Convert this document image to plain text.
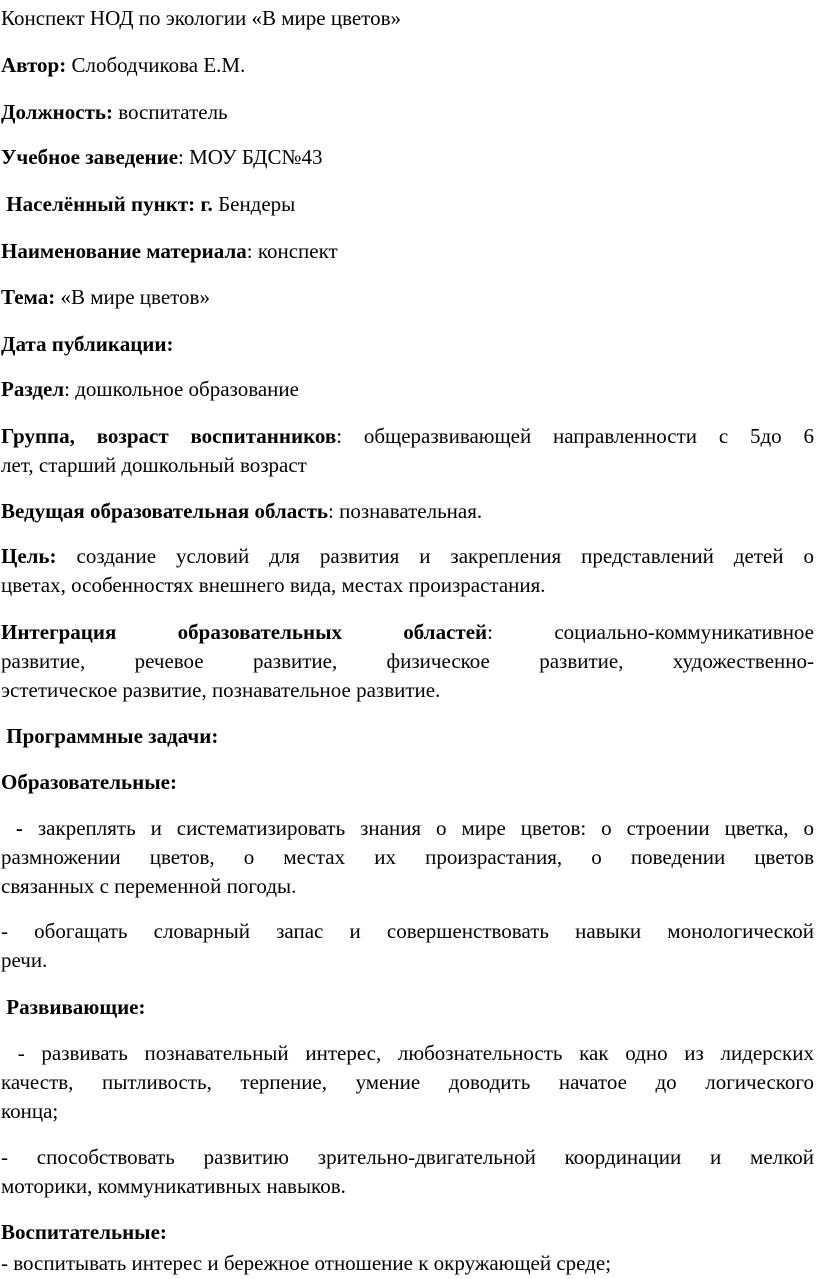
Конспект НОД по экологии «В мире цветов»

Автор: Слободчикова Е.М.

Должность: воспитатель

Учебное заведение: МОУ БДС№43

Населённый пункт: г. Бендеры

Наименование материала: конспект

Тема: «В мире цветов»

Дата публикации:

Раздел: дошкольное образование

Группа, возраст воспитанников: общеразвивающей направленности с 5до 6

лет, старший дошкольный возраст

Ведущая образовательная область: познавательная.

Цель: создание условий для развития и закрепления представлений детей о

цветах, особенностях внешнего вида, местах произрастания.

Интеграция образовательных областей: социально-коммуникативное

развитие, речевое развитие, физическое развитие, художественно-

эстетическое развитие, познавательное развитие.

Программные задачи:

Образовательные:

- закреплять и систематизировать знания о мире цветов: о строении цветка, о

размножении цветов, о местах их произрастания, о поведении цветов

связанных с переменной погоды.

- обогащать словарный запас и совершенствовать навыки монологической

речи.

Развивающие:

- развивать познавательный интерес, любознательность как одно из лидерских

качеств, пытливость, терпение, умение доводить начатое до логического

конца;

- способствовать развитию зрительно-двигательной координации и мелкой

моторики, коммуникативных навыков.

Воспитательные:

- воспитывать интерес и бережное отношение к окружающей среде;
